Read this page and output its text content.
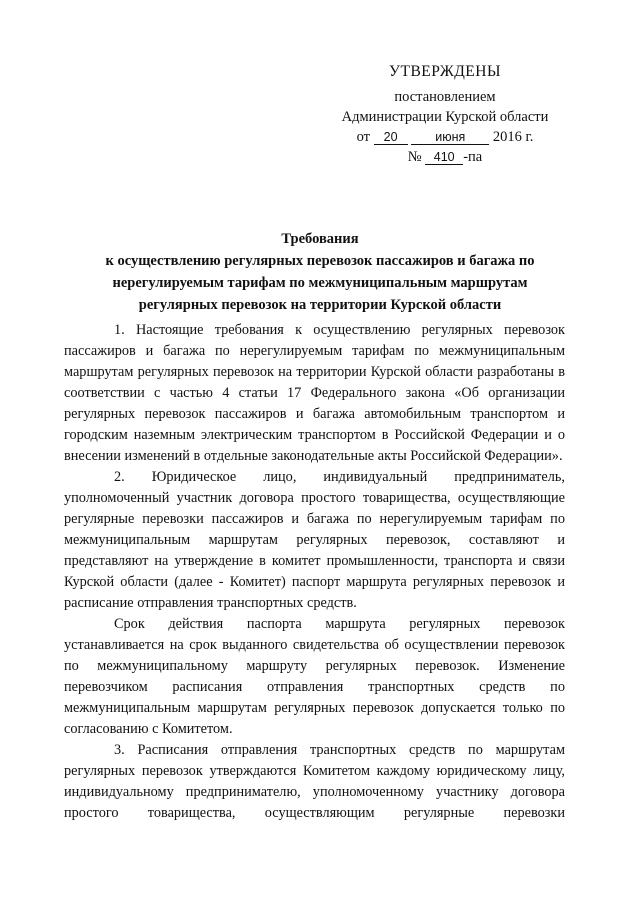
УТВЕРЖДЕНЫ
постановлением
Администрации Курской области
от 20	июня 2016 г.
№ 410 -па
Требования
к осуществлению регулярных перевозок пассажиров и багажа по
нерегулируемым тарифам по межмуниципальным маршрутам
регулярных перевозок на территории Курской области

1. Настоящие требования к осуществлению регулярных перевозок пассажиров и багажа по нерегулируемым тарифам по межмуниципальным маршрутам регулярных перевозок на территории Курской области разработаны в соответствии с частью 4 статьи 17 Федерального закона «Об организации регулярных перевозок пассажиров и багажа автомобильным транспортом и городским наземным электрическим транспортом в Российской Федерации и о внесении изменений в отдельные законодательные акты Российской Федерации».

2. Юридическое лицо, индивидуальный предприниматель, уполномоченный участник договора простого товарищества, осуществляющие регулярные перевозки пассажиров и багажа по нерегулируемым тарифам по межмуниципальным маршрутам регулярных перевозок, составляют и представляют на утверждение в комитет промышленности, транспорта и связи Курской области (далее - Комитет) паспорт маршрута регулярных перевозок и расписание отправления транспортных средств.

Срок действия паспорта маршрута регулярных перевозок устанавливается на срок выданного свидетельства об осуществлении перевозок по межмуниципальному маршруту регулярных перевозок. Изменение перевозчиком расписания отправления транспортных средств по межмуниципальным маршрутам регулярных перевозок допускается только по согласованию с Комитетом.

3. Расписания отправления транспортных средств по маршрутам регулярных перевозок утверждаются Комитетом каждому юридическому лицу, индивидуальному предпринимателю, уполномоченному участнику договора простого товарищества, осуществляющим регулярные перевозки
